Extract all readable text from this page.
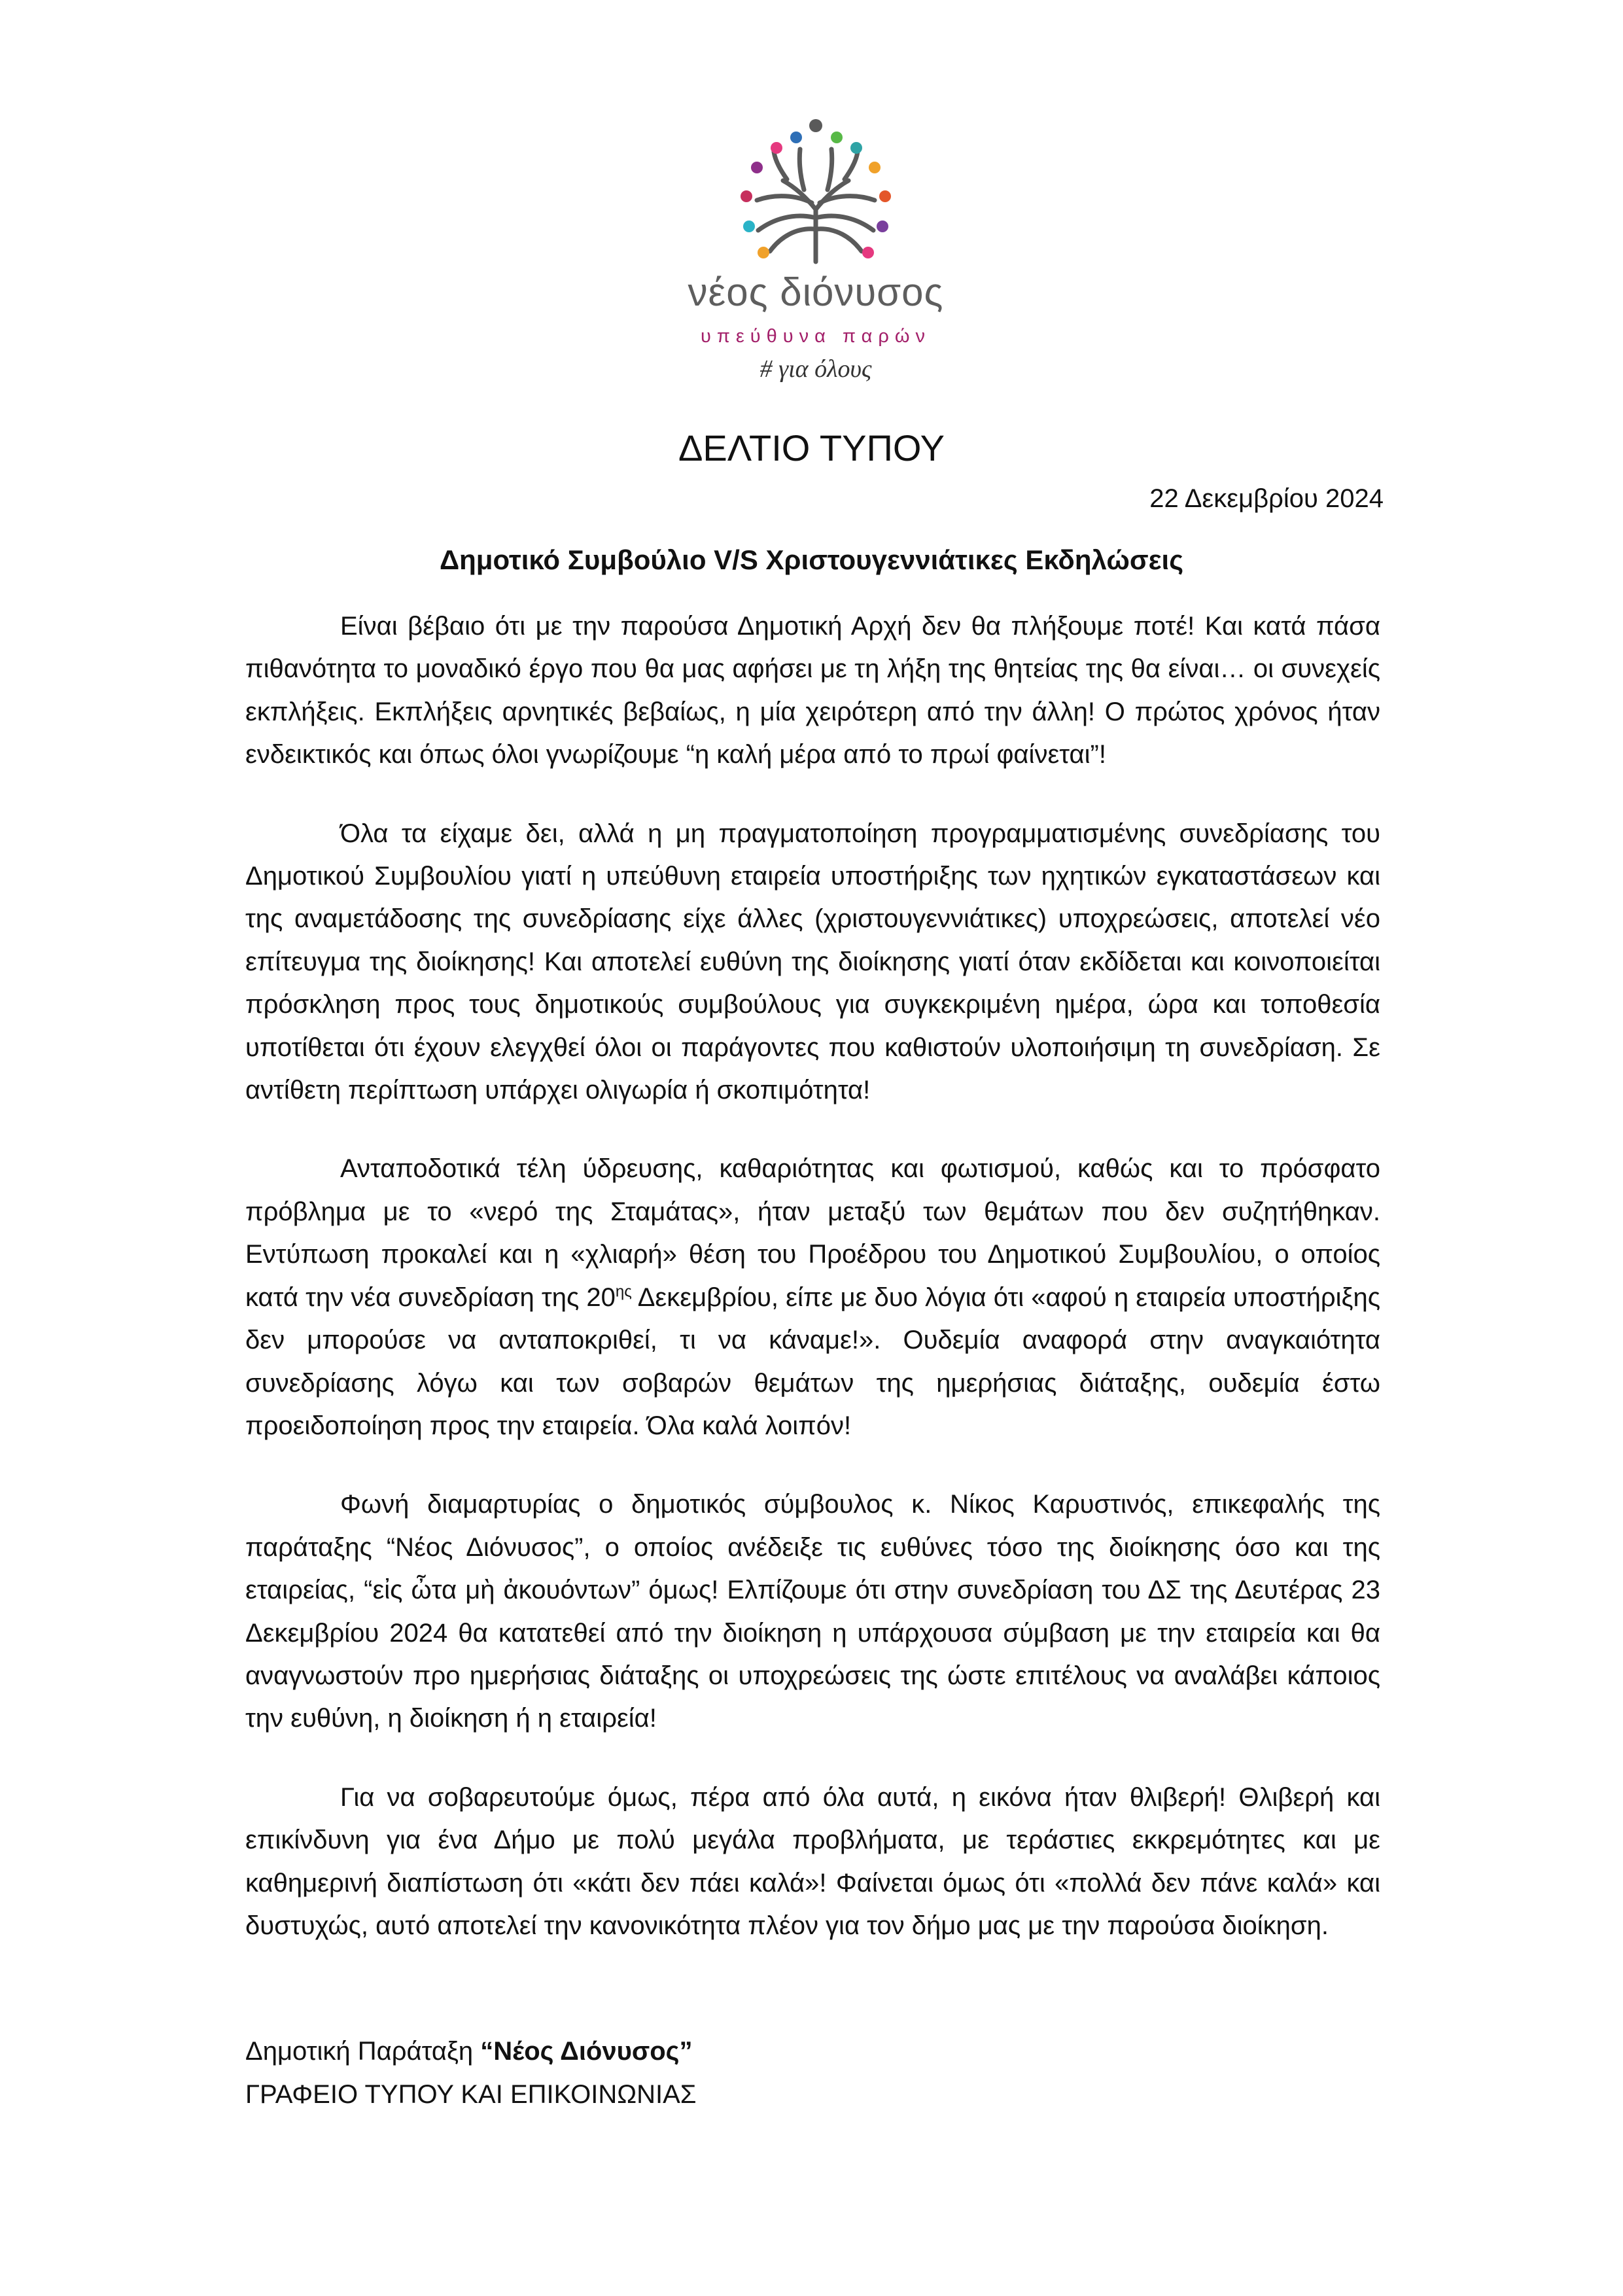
νέος διόνυσος
υπεύθυνα παρών
# για όλους
ΔΕΛΤΙΟ ΤΥΠΟΥ
22 Δεκεμβρίου 2024
Δημοτικό Συμβούλιο V/S Χριστουγεννιάτικες Εκδηλώσεις

Είναι βέβαιο ότι με την παρούσα Δημοτική Αρχή δεν θα πλήξουμε ποτέ! Και κατά πάσα πιθανότητα το μοναδικό έργο που θα μας αφήσει με τη λήξη της θητείας της θα είναι… οι συνεχείς εκπλήξεις. Εκπλήξεις αρνητικές βεβαίως, η μία χειρότερη από την άλλη! Ο πρώτος χρόνος ήταν ενδεικτικός και όπως όλοι γνωρίζουμε “η καλή μέρα από το πρωί φαίνεται”!

Όλα τα είχαμε δει, αλλά η μη πραγματοποίηση προγραμματισμένης συνεδρίασης του Δημοτικού Συμβουλίου γιατί η υπεύθυνη εταιρεία υποστήριξης των ηχητικών εγκαταστάσεων και της αναμετάδοσης της συνεδρίασης είχε άλλες (χριστουγεννιάτικες) υποχρεώσεις, αποτελεί νέο επίτευγμα της διοίκησης! Και αποτελεί ευθύνη της διοίκησης γιατί όταν εκδίδεται και κοινοποιείται πρόσκληση προς τους δημοτικούς συμβούλους για συγκεκριμένη ημέρα, ώρα και τοποθεσία υποτίθεται ότι έχουν ελεγχθεί όλοι οι παράγοντες που καθιστούν υλοποιήσιμη τη συνεδρίαση. Σε αντίθετη περίπτωση υπάρχει ολιγωρία ή σκοπιμότητα!

Ανταποδοτικά τέλη ύδρευσης, καθαριότητας και φωτισμού, καθώς και το πρόσφατο πρόβλημα με το «νερό της Σταμάτας», ήταν μεταξύ των θεμάτων που δεν συζητήθηκαν. Εντύπωση προκαλεί και η «χλιαρή» θέση του Προέδρου του Δημοτικού Συμβουλίου, ο οποίος κατά την νέα συνεδρίαση της $20^{\eta\varsigma}$ Δεκεμβρίου, είπε με δυο λόγια ότι «αφού η εταιρεία υποστήριξης δεν μπορούσε να ανταποκριθεί, τι να κάναμε!». Ουδεμία αναφορά στην αναγκαιότητα συνεδρίασης λόγω και των σοβαρών θεμάτων της ημερήσιας διάταξης, ουδεμία έστω προειδοποίηση προς την εταιρεία. Όλα καλά λοιπόν!

Φωνή διαμαρτυρίας ο δημοτικός σύμβουλος κ. Νίκος Καρυστινός, επικεφαλής της παράταξης “Νέος Διόνυσος”, ο οποίος ανέδειξε τις ευθύνες τόσο της διοίκησης όσο και της εταιρείας, “εἰς ὦτα μὴ ἀκουόντων” όμως! Ελπίζουμε ότι στην συνεδρίαση του ΔΣ της Δευτέρας 23 Δεκεμβρίου 2024 θα κατατεθεί από την διοίκηση η υπάρχουσα σύμβαση με την εταιρεία και θα αναγνωστούν προ ημερήσιας διάταξης οι υποχρεώσεις της ώστε επιτέλους να αναλάβει κάποιος την ευθύνη, η διοίκηση ή η εταιρεία!

Για να σοβαρευτούμε όμως, πέρα από όλα αυτά, η εικόνα ήταν θλιβερή! Θλιβερή και επικίνδυνη για ένα Δήμο με πολύ μεγάλα προβλήματα, με τεράστιες εκκρεμότητες και με καθημερινή διαπίστωση ότι «κάτι δεν πάει καλά»! Φαίνεται όμως ότι «πολλά δεν πάνε καλά» και δυστυχώς, αυτό αποτελεί την κανονικότητα πλέον για τον δήμο μας με την παρούσα διοίκηση.

Δημοτική Παράταξη “Νέος Διόνυσος”
ΓΡΑΦΕΙΟ ΤΥΠΟΥ ΚΑΙ ΕΠΙΚΟΙΝΩΝΙΑΣ
